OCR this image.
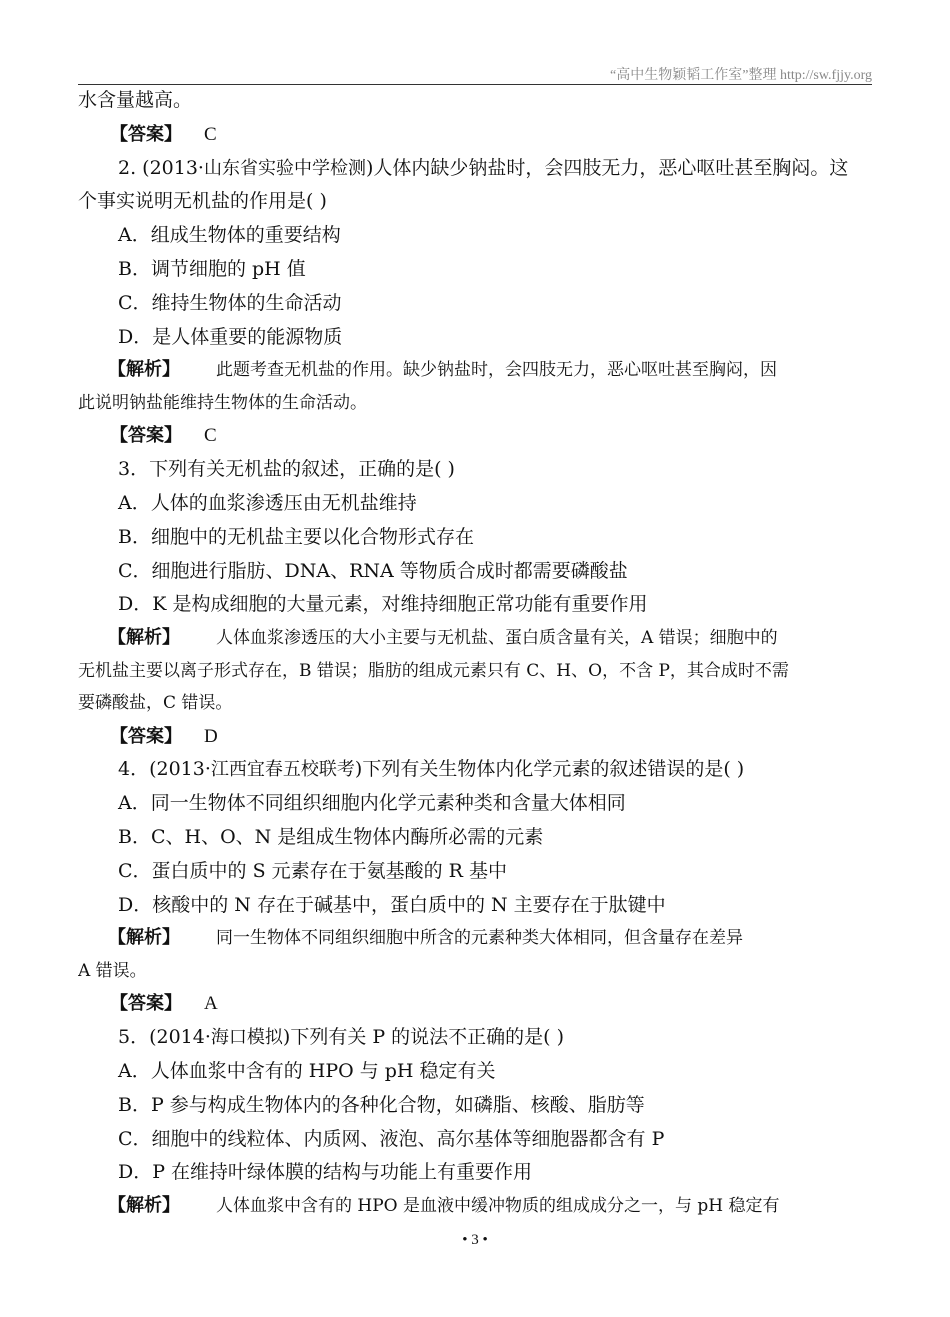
“高中生物颖韬工作室”整理 http://sw.fjjy.org
水含量越高。
【答案】 C
2. (2013·山东省实验中学检测)人体内缺少钠盐时，会四肢无力，恶心呕吐甚至胸闷。这
个事实说明无机盐的作用是( )
A．组成生物体的重要结构
B．调节细胞的 pH 值
C．维持生物体的生命活动
D．是人体重要的能源物质
【解析】 此题考查无机盐的作用。缺少钠盐时，会四肢无力，恶心呕吐甚至胸闷，因
此说明钠盐能维持生物体的生命活动。
【答案】 C
3．下列有关无机盐的叙述，正确的是( )
A．人体的血浆渗透压由无机盐维持
B．细胞中的无机盐主要以化合物形式存在
C．细胞进行脂肪、DNA、RNA 等物质合成时都需要磷酸盐
D．K 是构成细胞的大量元素，对维持细胞正常功能有重要作用
【解析】 人体血浆渗透压的大小主要与无机盐、蛋白质含量有关，A 错误；细胞中的
无机盐主要以离子形式存在，B 错误；脂肪的组成元素只有 C、H、O，不含 P，其合成时不需
要磷酸盐，C 错误。
【答案】 D
4．(2013·江西宜春五校联考)下列有关生物体内化学元素的叙述错误的是( )
A．同一生物体不同组织细胞内化学元素种类和含量大体相同
B．C、H、O、N 是组成生物体内酶所必需的元素
C．蛋白质中的 S 元素存在于氨基酸的 R 基中
D．核酸中的 N 存在于碱基中，蛋白质中的 N 主要存在于肽键中
【解析】 同一生物体不同组织细胞中所含的元素种类大体相同，但含量存在差异
A 错误。
【答案】 A
5．(2014·海口模拟)下列有关 P 的说法不正确的是( )
A．人体血浆中含有的 HPO 与 pH 稳定有关
B．P 参与构成生物体内的各种化合物，如磷脂、核酸、脂肪等
C．细胞中的线粒体、内质网、液泡、高尔基体等细胞器都含有 P
D．P 在维持叶绿体膜的结构与功能上有重要作用
【解析】 人体血浆中含有的 HPO 是血液中缓冲物质的组成成分之一，与 pH 稳定有
• 3 •
